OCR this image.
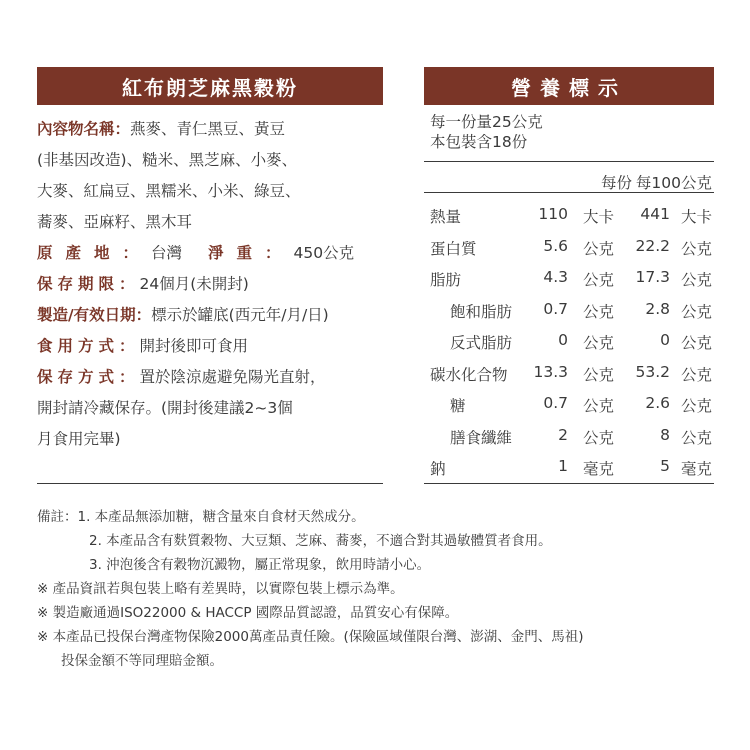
紅布朗芝麻黑穀粉	營養標示
內容物名稱：燕麥、青仁黑豆、黃豆
(非基因改造)、糙米、黑芝麻、小麥、
大麥、紅扁豆、黑糯米、小米、綠豆、
蕎麥、亞麻籽、黑木耳
原產地：台灣 淨重：450公克
保存期限：24個月(未開封)
製造/有效日期：標示於罐底(西元年/月/日)
食用方式：開封後即可食用
保存方式：置於陰涼處避免陽光直射，
開封請冷藏保存。(開封後建議2~3個
月食用完畢)
每一份量25公克
本包裝含18份
每份 每100公克
熱量	110 大卡 441 大卡
蛋白質	5.6 公克 22.2 公克
脂肪	4.3 公克 17.3 公克
飽和脂肪 0.7 公克 2.8 公克
反式脂肪	0 公克	0 公克
碳水化合物 13.3 公克 53.2 公克
糖	0.7 公克 2.6 公克
膳食纖維	2 公克	8 公克
鈉	1 毫克	5 毫克
備註：1. 本產品無添加糖，糖含量來自食材天然成分。
2. 本產品含有麩質穀物、大豆類、芝麻、蕎麥，不適合對其過敏體質者食用。
3. 沖泡後含有穀物沉澱物，屬正常現象，飲用時請小心。
※ 產品資訊若與包裝上略有差異時，以實際包裝上標示為準。
※ 製造廠通過ISO22000 & HACCP 國際品質認證，品質安心有保障。
※ 本產品已投保台灣產物保險2000萬產品責任險。(保險區域僅限台灣、澎湖、金門、馬祖)
投保金額不等同理賠金額。
